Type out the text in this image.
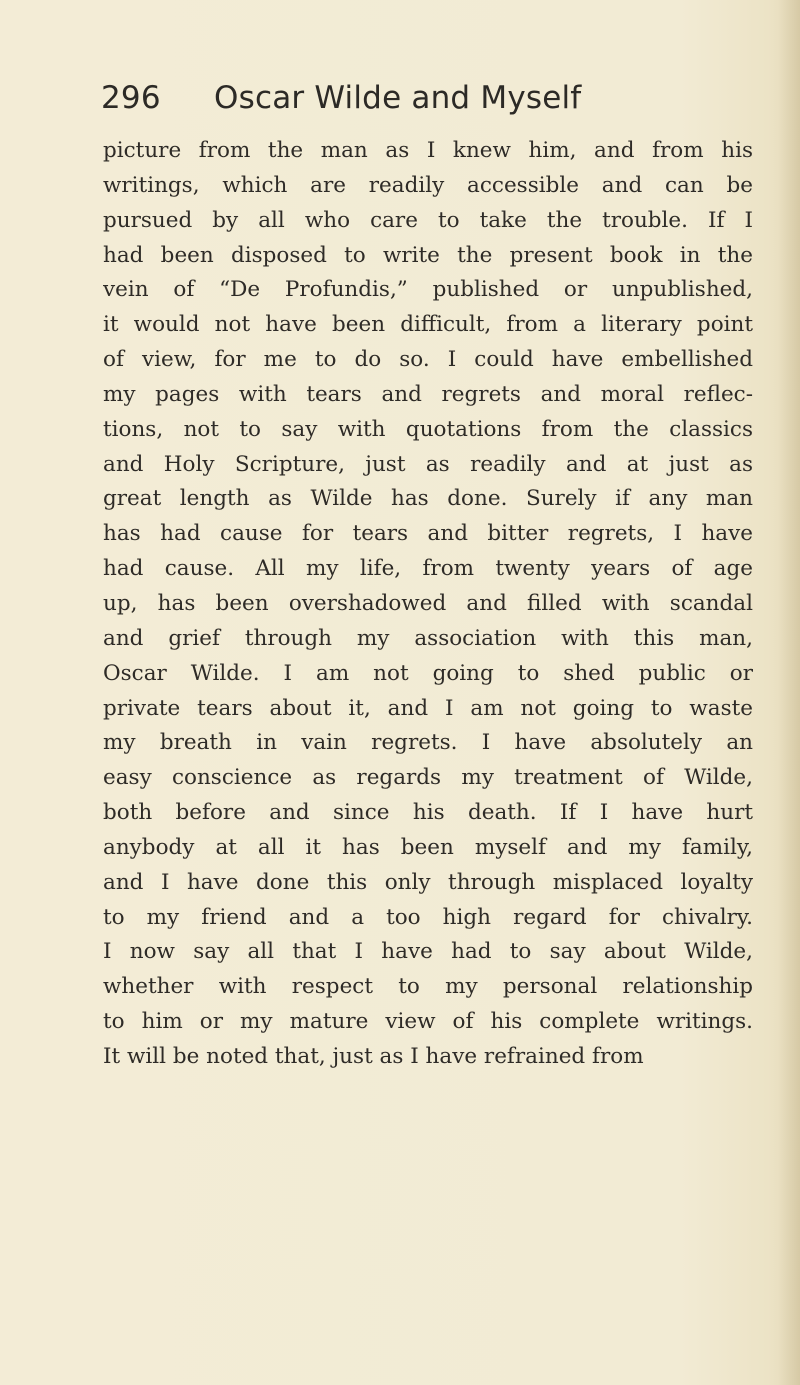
296 Oscar Wilde and Myself
picture from the man as I knew him, and from his
writings, which are readily accessible and can be
pursued by all who care to take the trouble. If I
had been disposed to write the present book in the
vein of “De Profundis,” published or unpublished,
it would not have been difficult, from a literary point
of view, for me to do so. I could have embellished
my pages with tears and regrets and moral reflec-
tions, not to say with quotations from the classics
and Holy Scripture, just as readily and at just as
great length as Wilde has done. Surely if any man
has had cause for tears and bitter regrets, I have
had cause. All my life, from twenty years of age
up, has been overshadowed and filled with scandal
and grief through my association with this man,
Oscar Wilde. I am not going to shed public or
private tears about it, and I am not going to waste
my breath in vain regrets. I have absolutely an
easy conscience as regards my treatment of Wilde,
both before and since his death. If I have hurt
anybody at all it has been myself and my family,
and I have done this only through misplaced loyalty
to my friend and a too high regard for chivalry.
I now say all that I have had to say about Wilde,
whether with respect to my personal relationship
to him or my mature view of his complete writings.
It will be noted that, just as I have refrained from
